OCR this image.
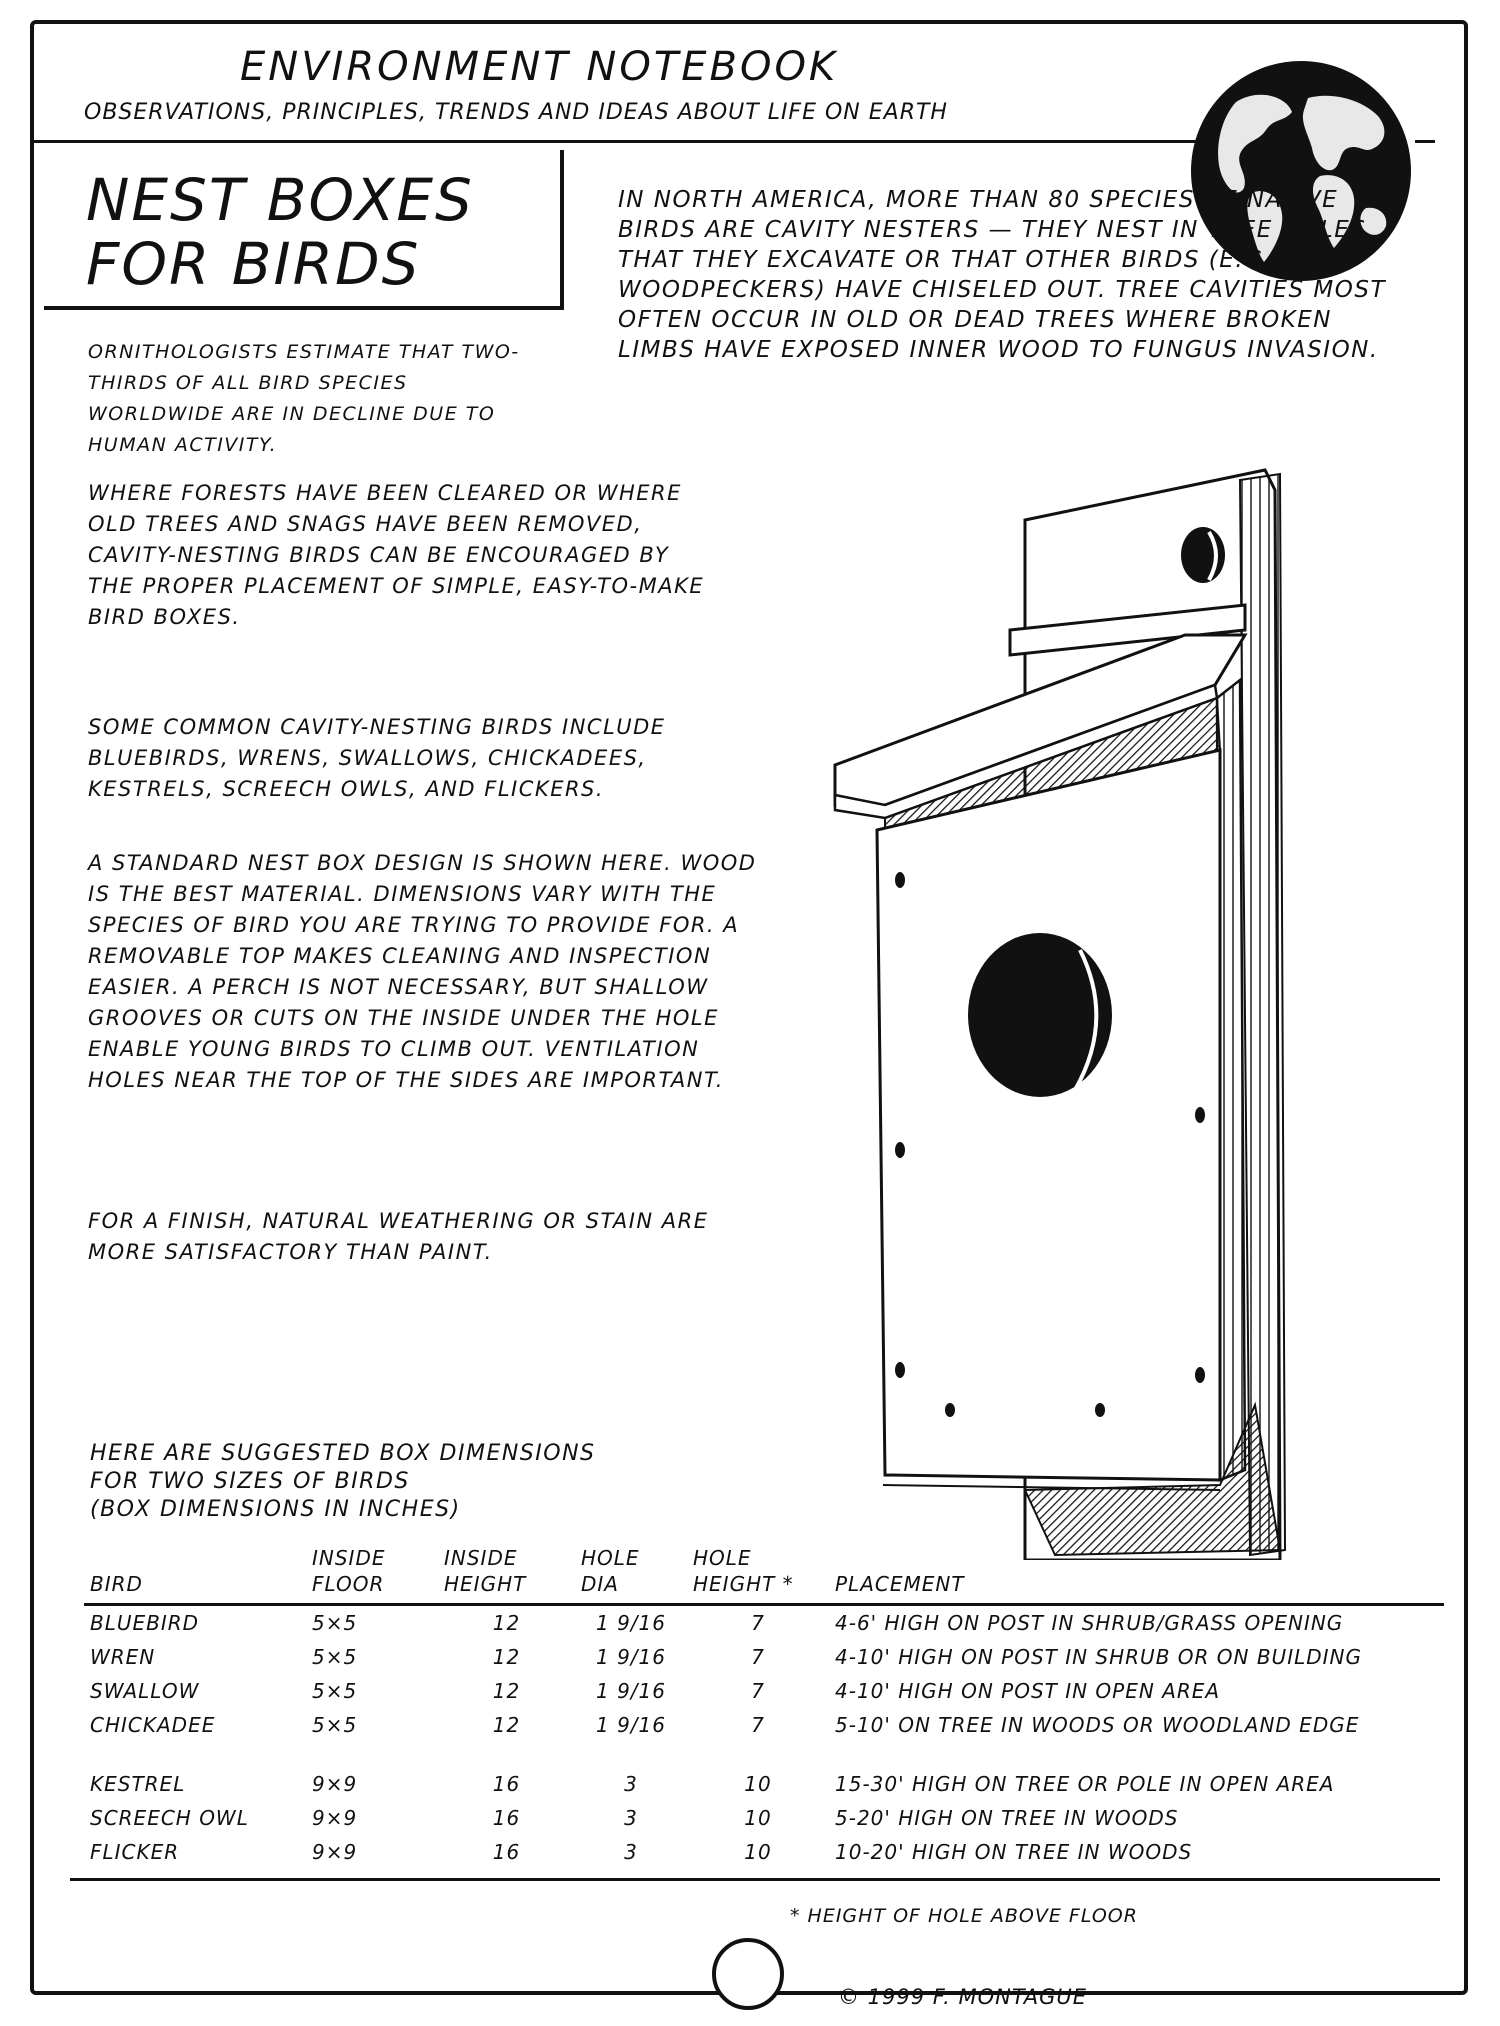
ENVIRONMENT NOTEBOOK
OBSERVATIONS, PRINCIPLES, TRENDS AND IDEAS ABOUT LIFE ON EARTH
NEST BOXES
FOR BIRDS
IN NORTH AMERICA, MORE THAN 80 SPECIES OF NATIVE BIRDS ARE CAVITY NESTERS — THEY NEST IN TREE HOLES THAT THEY EXCAVATE OR THAT OTHER BIRDS (E.G. WOODPECKERS) HAVE CHISELED OUT. TREE CAVITIES MOST OFTEN OCCUR IN OLD OR DEAD TREES WHERE BROKEN LIMBS HAVE EXPOSED INNER WOOD TO FUNGUS INVASION.
ORNITHOLOGISTS ESTIMATE THAT TWO-THIRDS OF ALL BIRD SPECIES WORLDWIDE ARE IN DECLINE DUE TO HUMAN ACTIVITY.
WHERE FORESTS HAVE BEEN CLEARED OR WHERE OLD TREES AND SNAGS HAVE BEEN REMOVED, CAVITY-NESTING BIRDS CAN BE ENCOURAGED BY THE PROPER PLACEMENT OF SIMPLE, EASY-TO-MAKE BIRD BOXES.
SOME COMMON CAVITY-NESTING BIRDS INCLUDE BLUEBIRDS, WRENS, SWALLOWS, CHICKADEES, KESTRELS, SCREECH OWLS, AND FLICKERS.
A STANDARD NEST BOX DESIGN IS SHOWN HERE. WOOD IS THE BEST MATERIAL. DIMENSIONS VARY WITH THE SPECIES OF BIRD YOU ARE TRYING TO PROVIDE FOR. A REMOVABLE TOP MAKES CLEANING AND INSPECTION EASIER. A PERCH IS NOT NECESSARY, BUT SHALLOW GROOVES OR CUTS ON THE INSIDE UNDER THE HOLE ENABLE YOUNG BIRDS TO CLIMB OUT. VENTILATION HOLES NEAR THE TOP OF THE SIDES ARE IMPORTANT.
FOR A FINISH, NATURAL WEATHERING OR STAIN ARE MORE SATISFACTORY THAN PAINT.
HERE ARE SUGGESTED BOX DIMENSIONS
FOR TWO SIZES OF BIRDS
(BOX DIMENSIONS IN INCHES)
BIRD	INSIDE FLOOR	INSIDE HEIGHT	HOLE DIA	HOLE HEIGHT *	PLACEMENT
BLUEBIRD	5×5	12	1 9/16	7	4-6' HIGH ON POST IN SHRUB/GRASS OPENING
WREN	5×5	12	1 9/16	7	4-10' HIGH ON POST IN SHRUB OR ON BUILDING
SWALLOW	5×5	12	1 9/16	7	4-10' HIGH ON POST IN OPEN AREA
CHICKADEE	5×5	12	1 9/16	7	5-10' ON TREE IN WOODS OR WOODLAND EDGE
KESTREL	9×9	16	3	10	15-30' HIGH ON TREE OR POLE IN OPEN AREA
SCREECH OWL	9×9	16	3	10	5-20' HIGH ON TREE IN WOODS
FLICKER	9×9	16	3	10	10-20' HIGH ON TREE IN WOODS
* HEIGHT OF HOLE ABOVE FLOOR
© 1999 F. MONTAGUE
